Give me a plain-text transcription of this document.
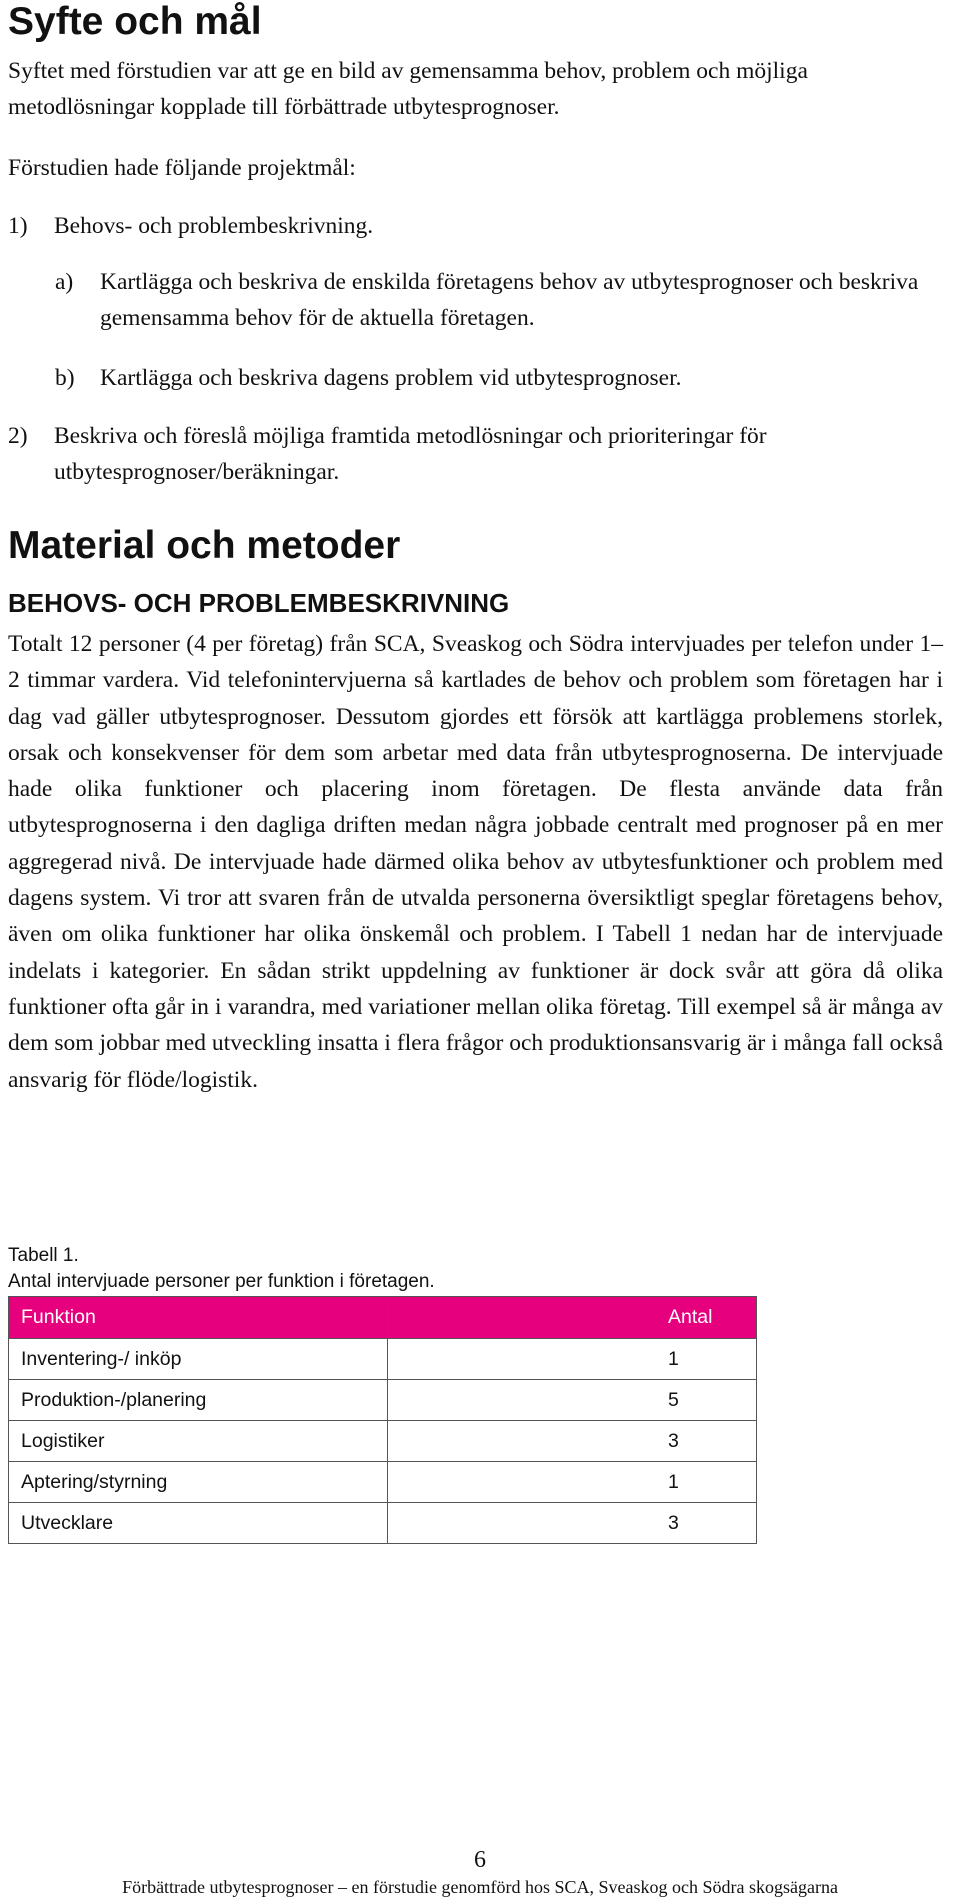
Syfte och mål

Syftet med förstudien var att ge en bild av gemensamma behov, problem och möjliga metodlösningar kopplade till förbättrade utbytesprognoser.

Förstudien hade följande projektmål:

1)	Behovs- och problembeskrivning.
a)	Kartlägga och beskriva de enskilda företagens behov av utbytesprognoser och beskriva gemensamma behov för de aktuella företagen.
b)	Kartlägga och beskriva dagens problem vid utbytesprognoser.
2)	Beskriva och föreslå möjliga framtida metodlösningar och prioriteringar för utbytesprognoser/beräkningar.
Material och metoder
BEHOVS- OCH PROBLEMBESKRIVNING

Totalt 12 personer (4 per företag) från SCA, Sveaskog och Södra intervjuades per telefon under 1–2 timmar vardera. Vid telefonintervjuerna så kartlades de behov och problem som företagen har i dag vad gäller utbytesprognoser. Dessutom gjordes ett försök att kartlägga problemens storlek, orsak och konsekvenser för dem som arbetar med data från utbytesprognoserna. De intervjuade hade olika funktioner och placering inom företagen. De flesta använde data från utbytesprognoserna i den dagliga driften medan några jobbade centralt med prognoser på en mer aggregerad nivå. De intervjuade hade därmed olika behov av utbytesfunktioner och problem med dagens system. Vi tror att svaren från de utvalda personerna översiktligt speglar företagens behov, även om olika funktioner har olika önskemål och problem. I Tabell 1 nedan har de intervjuade indelats i kategorier. En sådan strikt uppdelning av funktioner är dock svår att göra då olika funktioner ofta går in i varandra, med variationer mellan olika företag. Till exempel så är många av dem som jobbar med utveckling insatta i flera frågor och produktionsansvarig är i många fall också ansvarig för flöde/logistik.

Tabell 1.

Antal intervjuade personer per funktion i företagen.

Funktion	Antal
Inventering-/ inköp	1
Produktion-/planering	5
Logistiker	3
Aptering/styrning	1
Utvecklare	3

6

Förbättrade utbytesprognoser – en förstudie genomförd hos SCA, Sveaskog och Södra skogsägarna
